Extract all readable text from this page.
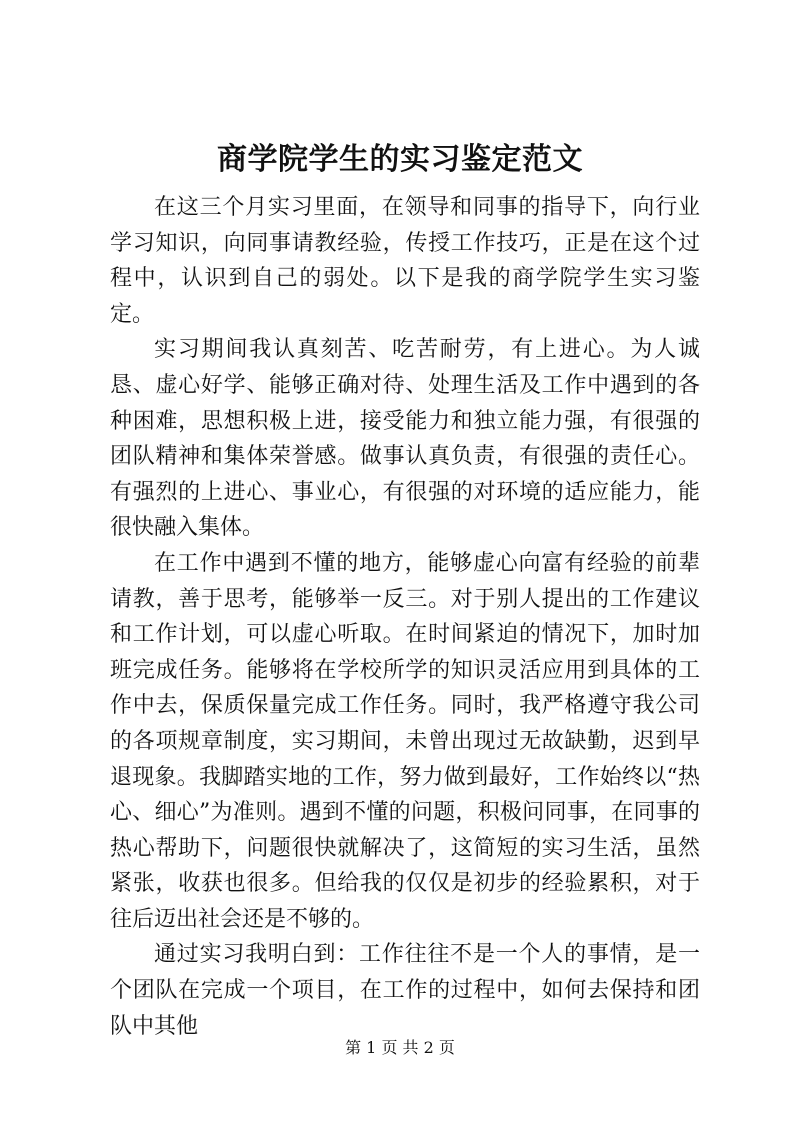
商学院学生的实习鉴定范文

在这三个月实习里面，在领导和同事的指导下，向行业学习知识，向同事请教经验，传授工作技巧，正是在这个过程中，认识到自己的弱处。以下是我的商学院学生实习鉴定。

实习期间我认真刻苦、吃苦耐劳，有上进心。为人诚恳、虚心好学、能够正确对待、处理生活及工作中遇到的各种困难，思想积极上进，接受能力和独立能力强，有很强的团队精神和集体荣誉感。做事认真负责，有很强的责任心。有强烈的上进心、事业心，有很强的对环境的适应能力，能很快融入集体。

在工作中遇到不懂的地方，能够虚心向富有经验的前辈请教，善于思考，能够举一反三。对于别人提出的工作建议和工作计划，可以虚心听取。在时间紧迫的情况下，加时加班完成任务。能够将在学校所学的知识灵活应用到具体的工作中去，保质保量完成工作任务。同时，我严格遵守我公司的各项规章制度，实习期间，未曾出现过无故缺勤，迟到早退现象。我脚踏实地的工作，努力做到最好，工作始终以“热心、细心”为准则。遇到不懂的问题，积极问同事，在同事的热心帮助下，问题很快就解决了，这简短的实习生活，虽然紧张，收获也很多。但给我的仅仅是初步的经验累积，对于往后迈出社会还是不够的。

通过实习我明白到：工作往往不是一个人的事情，是一个团队在完成一个项目，在工作的过程中，如何去保持和团队中其他

第 1 页 共 2 页
